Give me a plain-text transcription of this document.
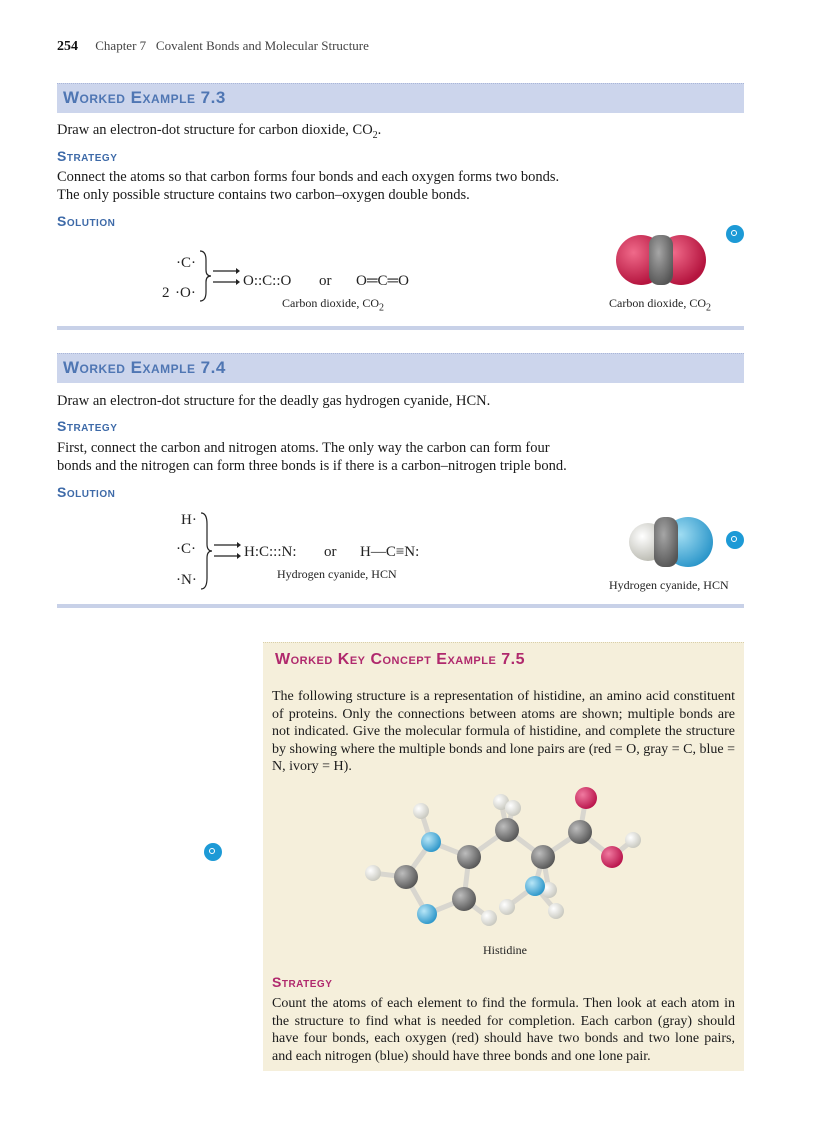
254 Chapter 7   Covalent Bonds and Molecular Structure
Worked Example 7.3
Draw an electron-dot structure for carbon dioxide, $CO_2$.
Strategy
Connect the atoms so that carbon forms four bonds and each oxygen forms two bonds.
The only possible structure contains two carbon–oxygen double bonds.
Solution
·C·
2 ·O·
O::C::O or O═C═O
Carbon dioxide, $CO_2$	Carbon dioxide, $CO_2$
Worked Example 7.4
Draw an electron-dot structure for the deadly gas hydrogen cyanide, HCN.
Strategy
First, connect the carbon and nitrogen atoms. The only way the carbon can form four
bonds and the nitrogen can form three bonds is if there is a carbon–nitrogen triple bond.
Solution
H·
·C·
·N·
H:C:::N: or H—C≡N:
Hydrogen cyanide, HCN
Hydrogen cyanide, HCN
Worked Key Concept Example 7.5
The following structure is a representation of histidine, an amino acid constituent of proteins. Only the connections between atoms are shown; multiple bonds are not indicated. Give the molecular formula of histidine, and complete the structure by showing where the multiple bonds and lone pairs are (red = O, gray = C, blue = N, ivory = H).
Histidine
Strategy
Count the atoms of each element to find the formula. Then look at each atom in the structure to find what is needed for completion. Each carbon (gray) should have four bonds, each oxygen (red) should have two bonds and two lone pairs, and each nitrogen (blue) should have three bonds and one lone pair.
